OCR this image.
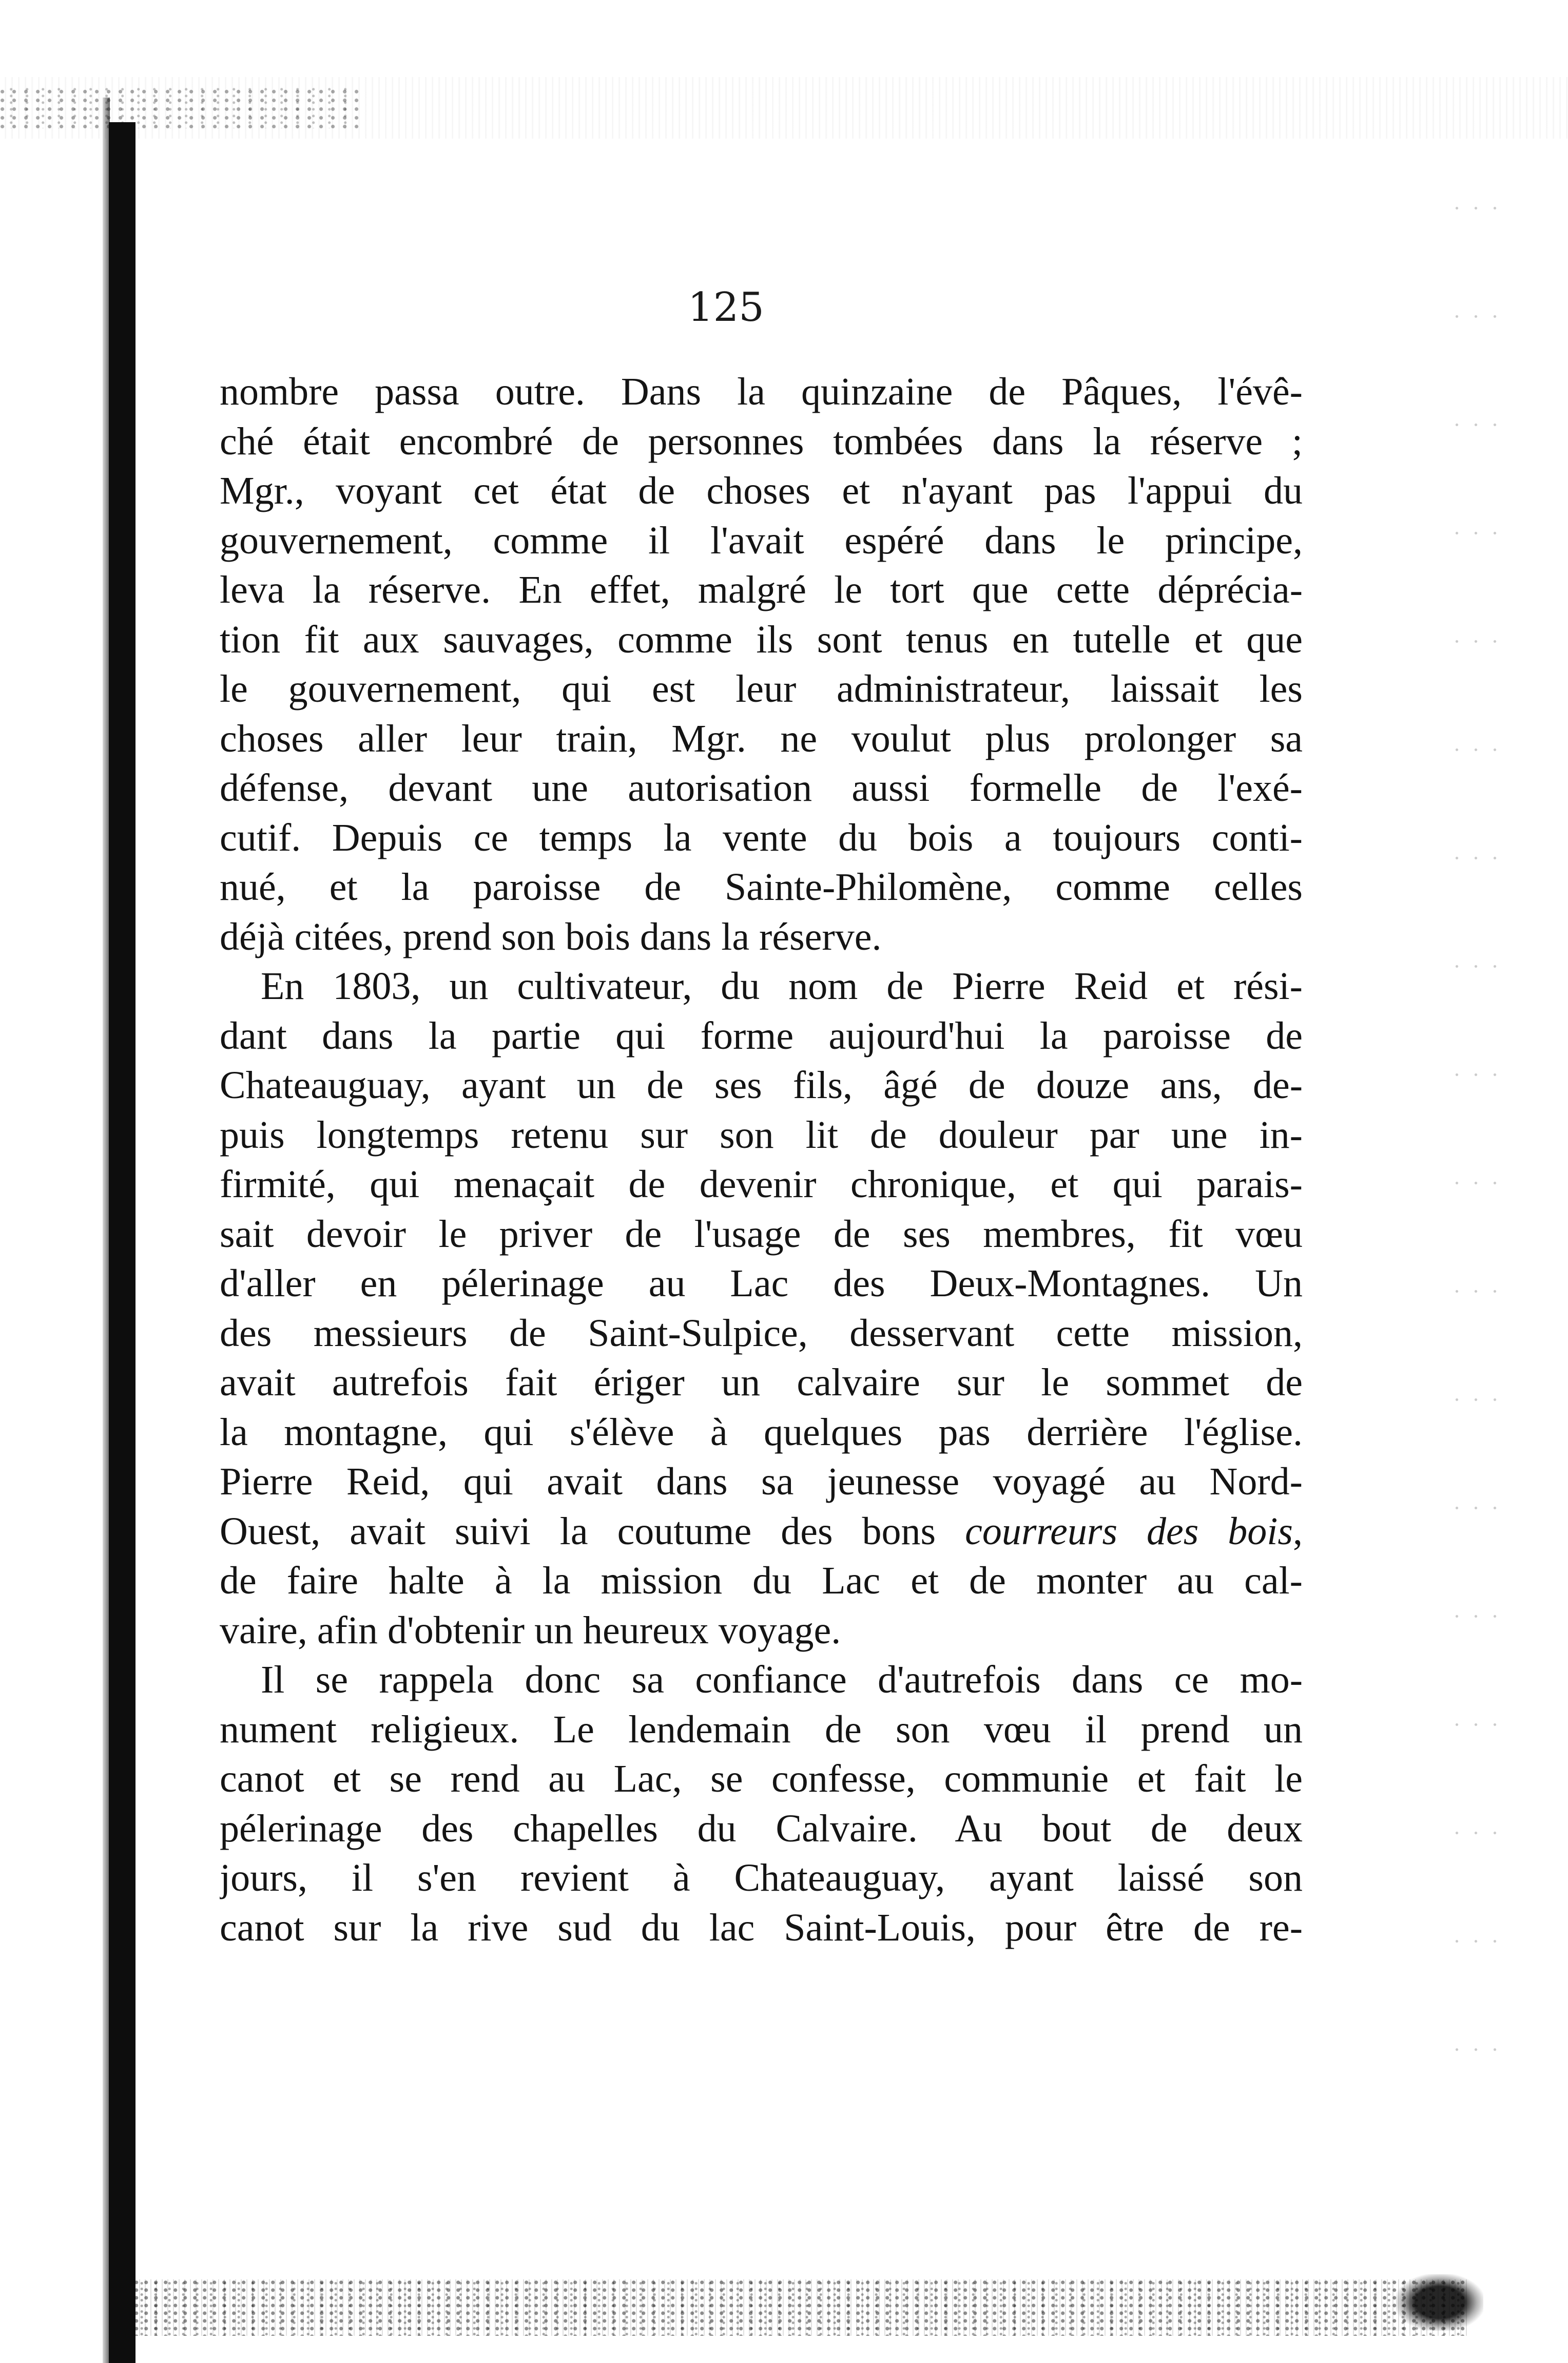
125
nombre passa outre. Dans la quinzaine de Pâques, l'évê-
ché était encombré de personnes tombées dans la réserve ;
Mgr., voyant cet état de choses et n'ayant pas l'appui du
gouvernement, comme il l'avait espéré dans le principe,
leva la réserve. En effet, malgré le tort que cette déprécia-
tion fit aux sauvages, comme ils sont tenus en tutelle et que
le gouvernement, qui est leur administrateur, laissait les
choses aller leur train, Mgr. ne voulut plus prolonger sa
défense, devant une autorisation aussi formelle de l'exé-
cutif. Depuis ce temps la vente du bois a toujours conti-
nué, et la paroisse de Sainte-Philomène, comme celles
déjà citées, prend son bois dans la réserve.
En 1803, un cultivateur, du nom de Pierre Reid et rési-
dant dans la partie qui forme aujourd'hui la paroisse de
Chateauguay, ayant un de ses fils, âgé de douze ans, de-
puis longtemps retenu sur son lit de douleur par une in-
firmité, qui menaçait de devenir chronique, et qui parais-
sait devoir le priver de l'usage de ses membres, fit vœu
d'aller en pélerinage au Lac des Deux-Montagnes. Un
des messieurs de Saint-Sulpice, desservant cette mission,
avait autrefois fait ériger un calvaire sur le sommet de
la montagne, qui s'élève à quelques pas derrière l'église.
Pierre Reid, qui avait dans sa jeunesse voyagé au Nord-
Ouest, avait suivi la coutume des bons courreurs des bois,
de faire halte à la mission du Lac et de monter au cal-
vaire, afin d'obtenir un heureux voyage.
Il se rappela donc sa confiance d'autrefois dans ce mo-
nument religieux. Le lendemain de son vœu il prend un
canot et se rend au Lac, se confesse, communie et fait le
pélerinage des chapelles du Calvaire. Au bout de deux
jours, il s'en revient à Chateauguay, ayant laissé son
canot sur la rive sud du lac Saint-Louis, pour être de re-
